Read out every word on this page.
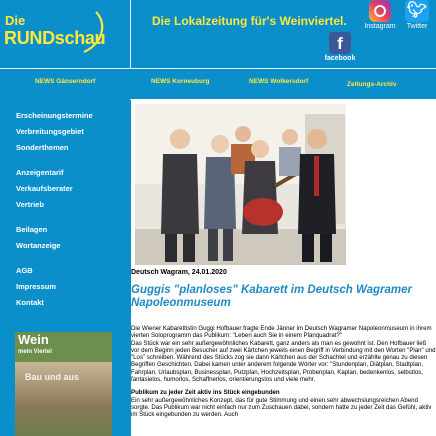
Die
RUNDschau
Die Lokalzeitung für's Weinviertel.	Instagram
🐦︎
Twitter
f
facebook
NEWS Gänserndorf	NEWS Korneuburg	NEWS Wolkersdorf	Zeitungs-Archiv
Erscheinungstermine
Verbreitungsgebiet
Sonderthemen
Anzeigentarif
Verkaufsberater
Vertrieb
Beilagen
Wortanzeige
AGB
Impressum
Kontakt
Wein
mein Viertel
Bau und aus
Deutsch Wagram, 24.01.2020
Guggis "planloses" Kabarett im Deutsch Wagramer Napoleonmuseum

Die Wiener Kabarettistin Guggi Hofbauer fragte Ende Jänner im Deutsch Wagramer Napoleonmuseum in ihrem vierten Soloprogramm das Publikum: "Leben auch Sie in einem Planquadrat?"

Das Stück war ein sehr außergewöhnliches Kabarett, ganz anders als man es gewohnt ist. Den Hofbauer ließ vor dem Beginn jeden Besucher auf zwei Kärtchen jeweils einen Begriff in Verbindung mit den Worten "Plan" und "Los" schreiben. Während des Stücks zog sie dann Kärtchen aus der Schachtel und erzählte genau zu diesen Begriffen Geschichten. Dabei kamen unter anderem folgende Wörter vor: "Stundenplan, Diätplan, Stadtplan, Fahrplan, Urlaubsplan, Businessplan, Putzplan, Hochzeitsplan, Probenplan, Kaplan, bedenkenlos, selbstlos, fantasielos, humorlos, Schaffnerlos, orientierungslos und viele mehr.

Publikum zu jeder Zeit aktiv ins Stück eingebunden

Ein sehr außergewöhnliches Konzept, das für gute Stimmung und einen sehr abwechslungsreichen Abend sorgte. Das Publikum war nicht einfach nur zum Zuschauen dabei, sondern hatte zu jeder Zeit das Gefühl, aktiv im Stück eingebunden zu werden. Auch
